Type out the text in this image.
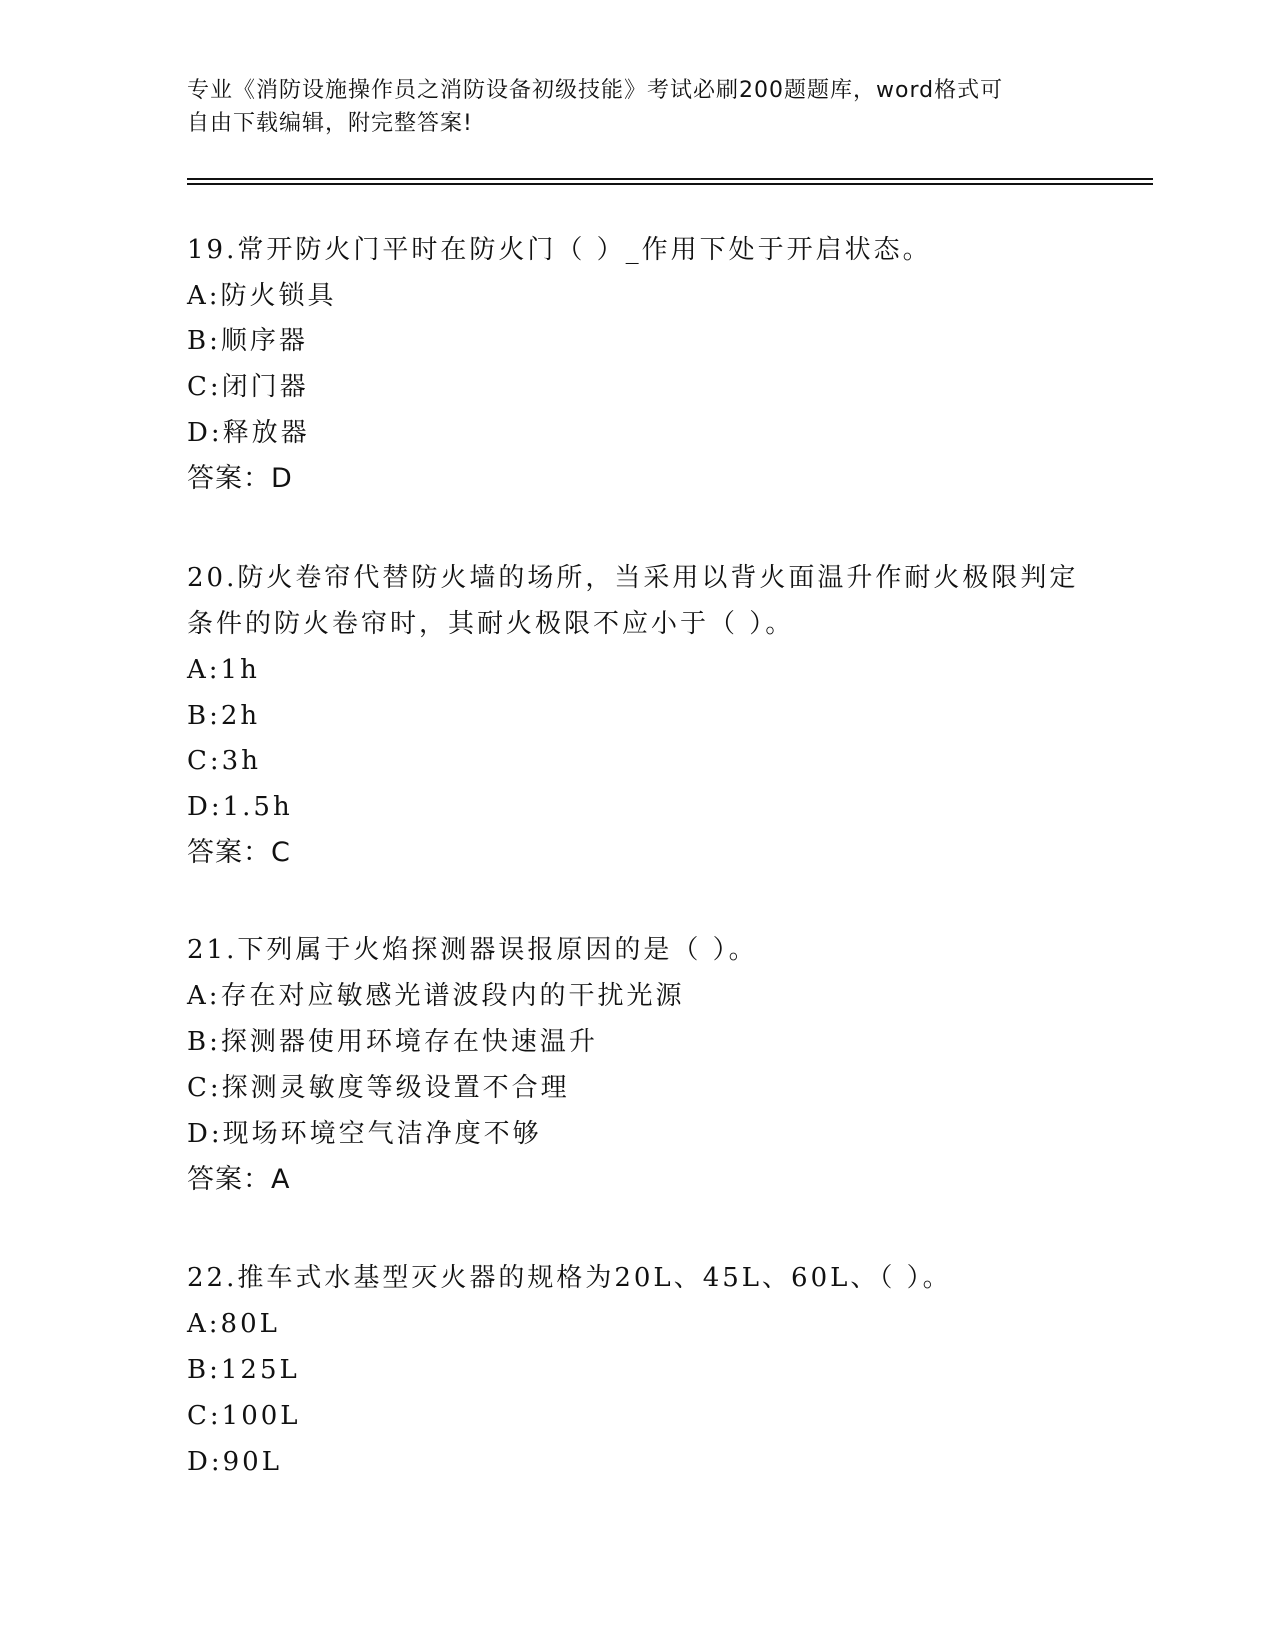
专业《消防设施操作员之消防设备初级技能》考试必刷200题题库，word格式可
自由下载编辑，附完整答案!
19.常开防火门平时在防火门（ ）_作用下处于开启状态。
A:防火锁具
B:顺序器
C:闭门器
D:释放器
答案：D
20.防火卷帘代替防火墙的场所，当采用以背火面温升作耐火极限判定
条件的防火卷帘时，其耐火极限不应小于（ ）。
A:1h
B:2h
C:3h
D:1.5h
答案：C
21.下列属于火焰探测器误报原因的是（ ）。
A:存在对应敏感光谱波段内的干扰光源
B:探测器使用环境存在快速温升
C:探测灵敏度等级设置不合理
D:现场环境空气洁净度不够
答案：A
22.推车式水基型灭火器的规格为20L、45L、60L、（ ）。
A:80L
B:125L
C:100L
D:90L
